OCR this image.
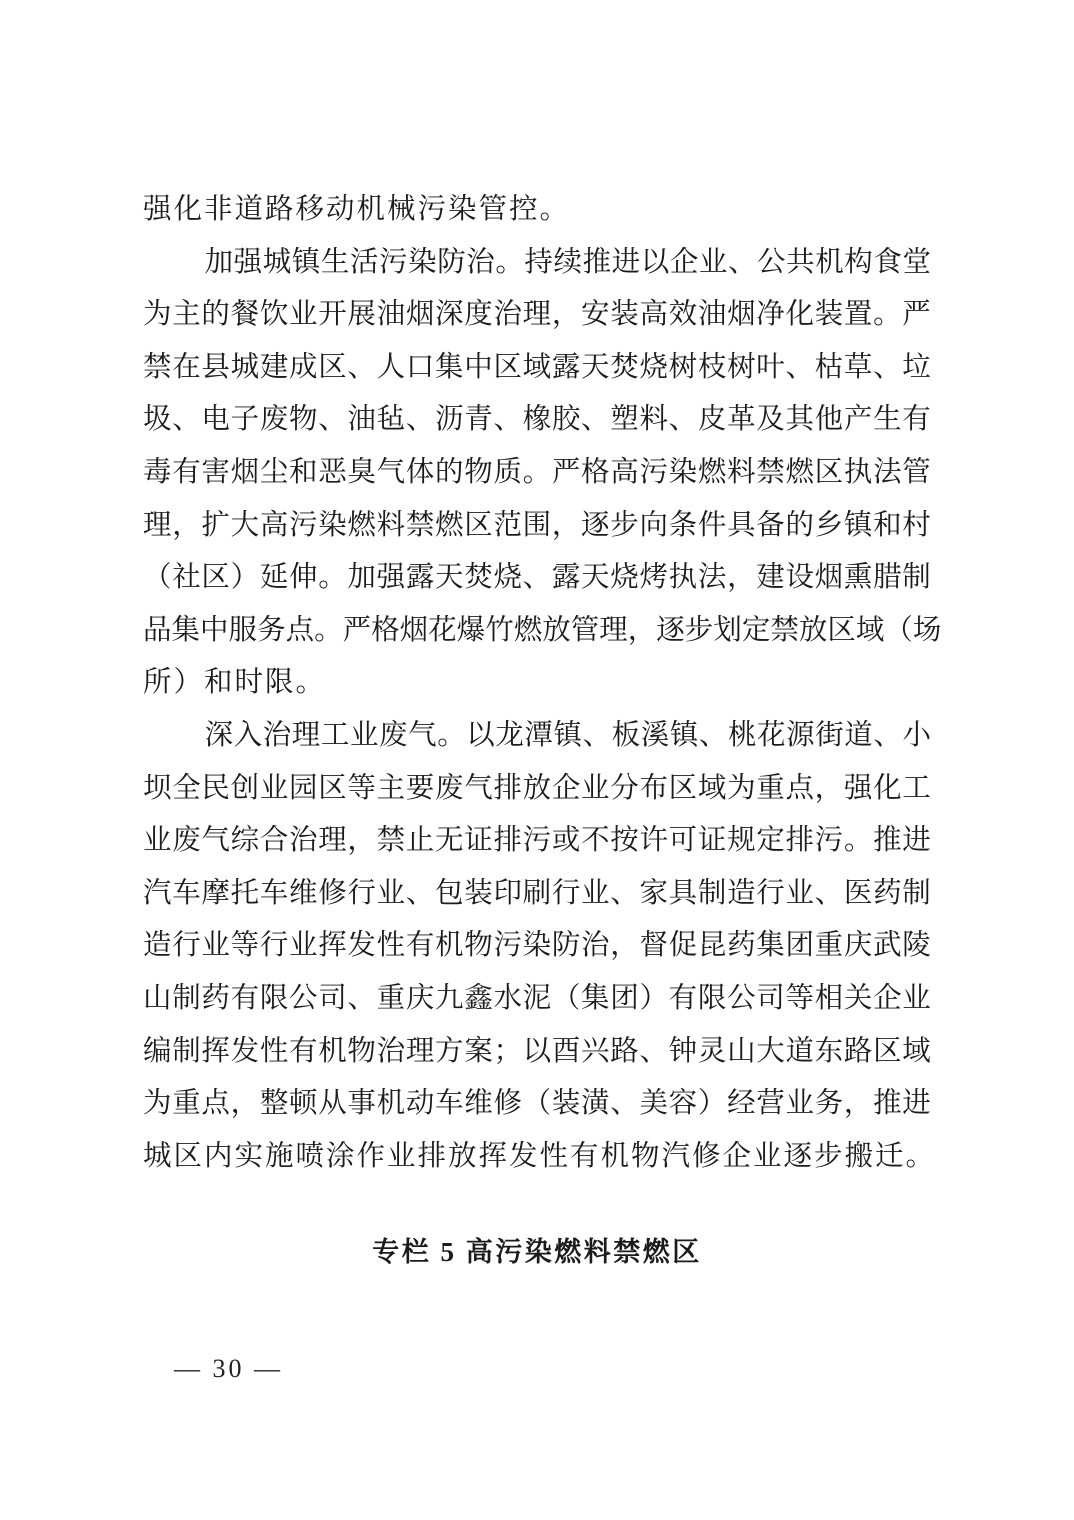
强化非道路移动机械污染管控。
加 强 城 镇 生 活 污 染 防 治 。 持 续 推 进 以 企 业 、 公 共 机 构 食 堂
为 主 的 餐 饮 业 开 展 油 烟 深 度 治 理 ， 安 装 高 效 油 烟 净 化 装 置 。 严
禁 在 县 城 建 成 区 、 人 口 集 中 区 域 露 天 焚 烧 树 枝 树 叶 、 枯 草 、 垃
圾 、 电 子 废 物 、 油 毡 、 沥 青 、 橡 胶 、 塑 料 、 皮 革 及 其 他 产 生 有
毒 有 害 烟 尘 和 恶 臭 气 体 的 物 质 。 严 格 高 污 染 燃 料 禁 燃 区 执 法 管
理 ， 扩 大 高 污 染 燃 料 禁 燃 区 范 围 ， 逐 步 向 条 件 具 备 的 乡 镇 和 村
（ 社 区 ） 延 伸 。 加 强 露 天 焚 烧 、 露 天 烧 烤 执 法 ， 建 设 烟 熏 腊 制
品 集 中 服 务 点 。 严 格 烟 花 爆 竹 燃 放 管 理 ， 逐 步 划 定 禁 放 区 域 （ 场
所）和时限。
深 入 治 理 工 业 废 气 。 以 龙 潭 镇 、 板 溪 镇 、 桃 花 源 街 道 、 小
坝 全 民 创 业 园 区 等 主 要 废 气 排 放 企 业 分 布 区 域 为 重 点 ， 强 化 工
业 废 气 综 合 治 理 ， 禁 止 无 证 排 污 或 不 按 许 可 证 规 定 排 污 。 推 进
汽 车 摩 托 车 维 修 行 业 、 包 装 印 刷 行 业 、 家 具 制 造 行 业 、 医 药 制
造 行 业 等 行 业 挥 发 性 有 机 物 污 染 防 治 ， 督 促 昆 药 集 团 重 庆 武 陵
山 制 药 有 限 公 司 、 重 庆 九 鑫 水 泥 （ 集 团 ） 有 限 公 司 等 相 关 企 业
编 制 挥 发 性 有 机 物 治 理 方 案 ； 以 酉 兴 路 、 钟 灵 山 大 道 东 路 区 域
为 重 点 ， 整 顿 从 事 机 动 车 维 修 （ 装 潢 、 美 容 ） 经 营 业 务 ， 推 进
城区内实施喷涂作业排放挥发性有机物汽修企业逐步搬迁。
专栏 5 高污染燃料禁燃区
— 30 —
